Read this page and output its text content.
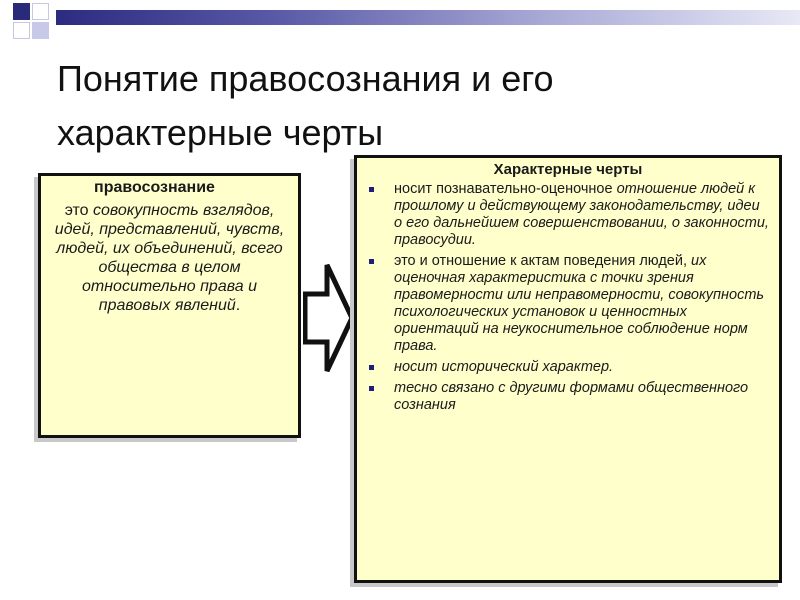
Понятие правосознания и его
характерные черты
правосознание
это совокупность взглядов, идей, представлений, чувств, людей, их объединений, всего общества в целом относительно права и правовых явлений.
Характерные черты
носит познавательно-оценочное отношение людей к прошлому и действующему законодательству, идеи о его дальнейшем совершенствовании, о законности, правосудии.
это и отношение к актам поведения людей, их оценочная характеристика с точки зрения правомерности или неправомерности, совокупность психологических установок и ценностных ориентаций на неукоснительное соблюдение норм права.
носит исторический характер.
тесно связано с другими формами общественного сознания
